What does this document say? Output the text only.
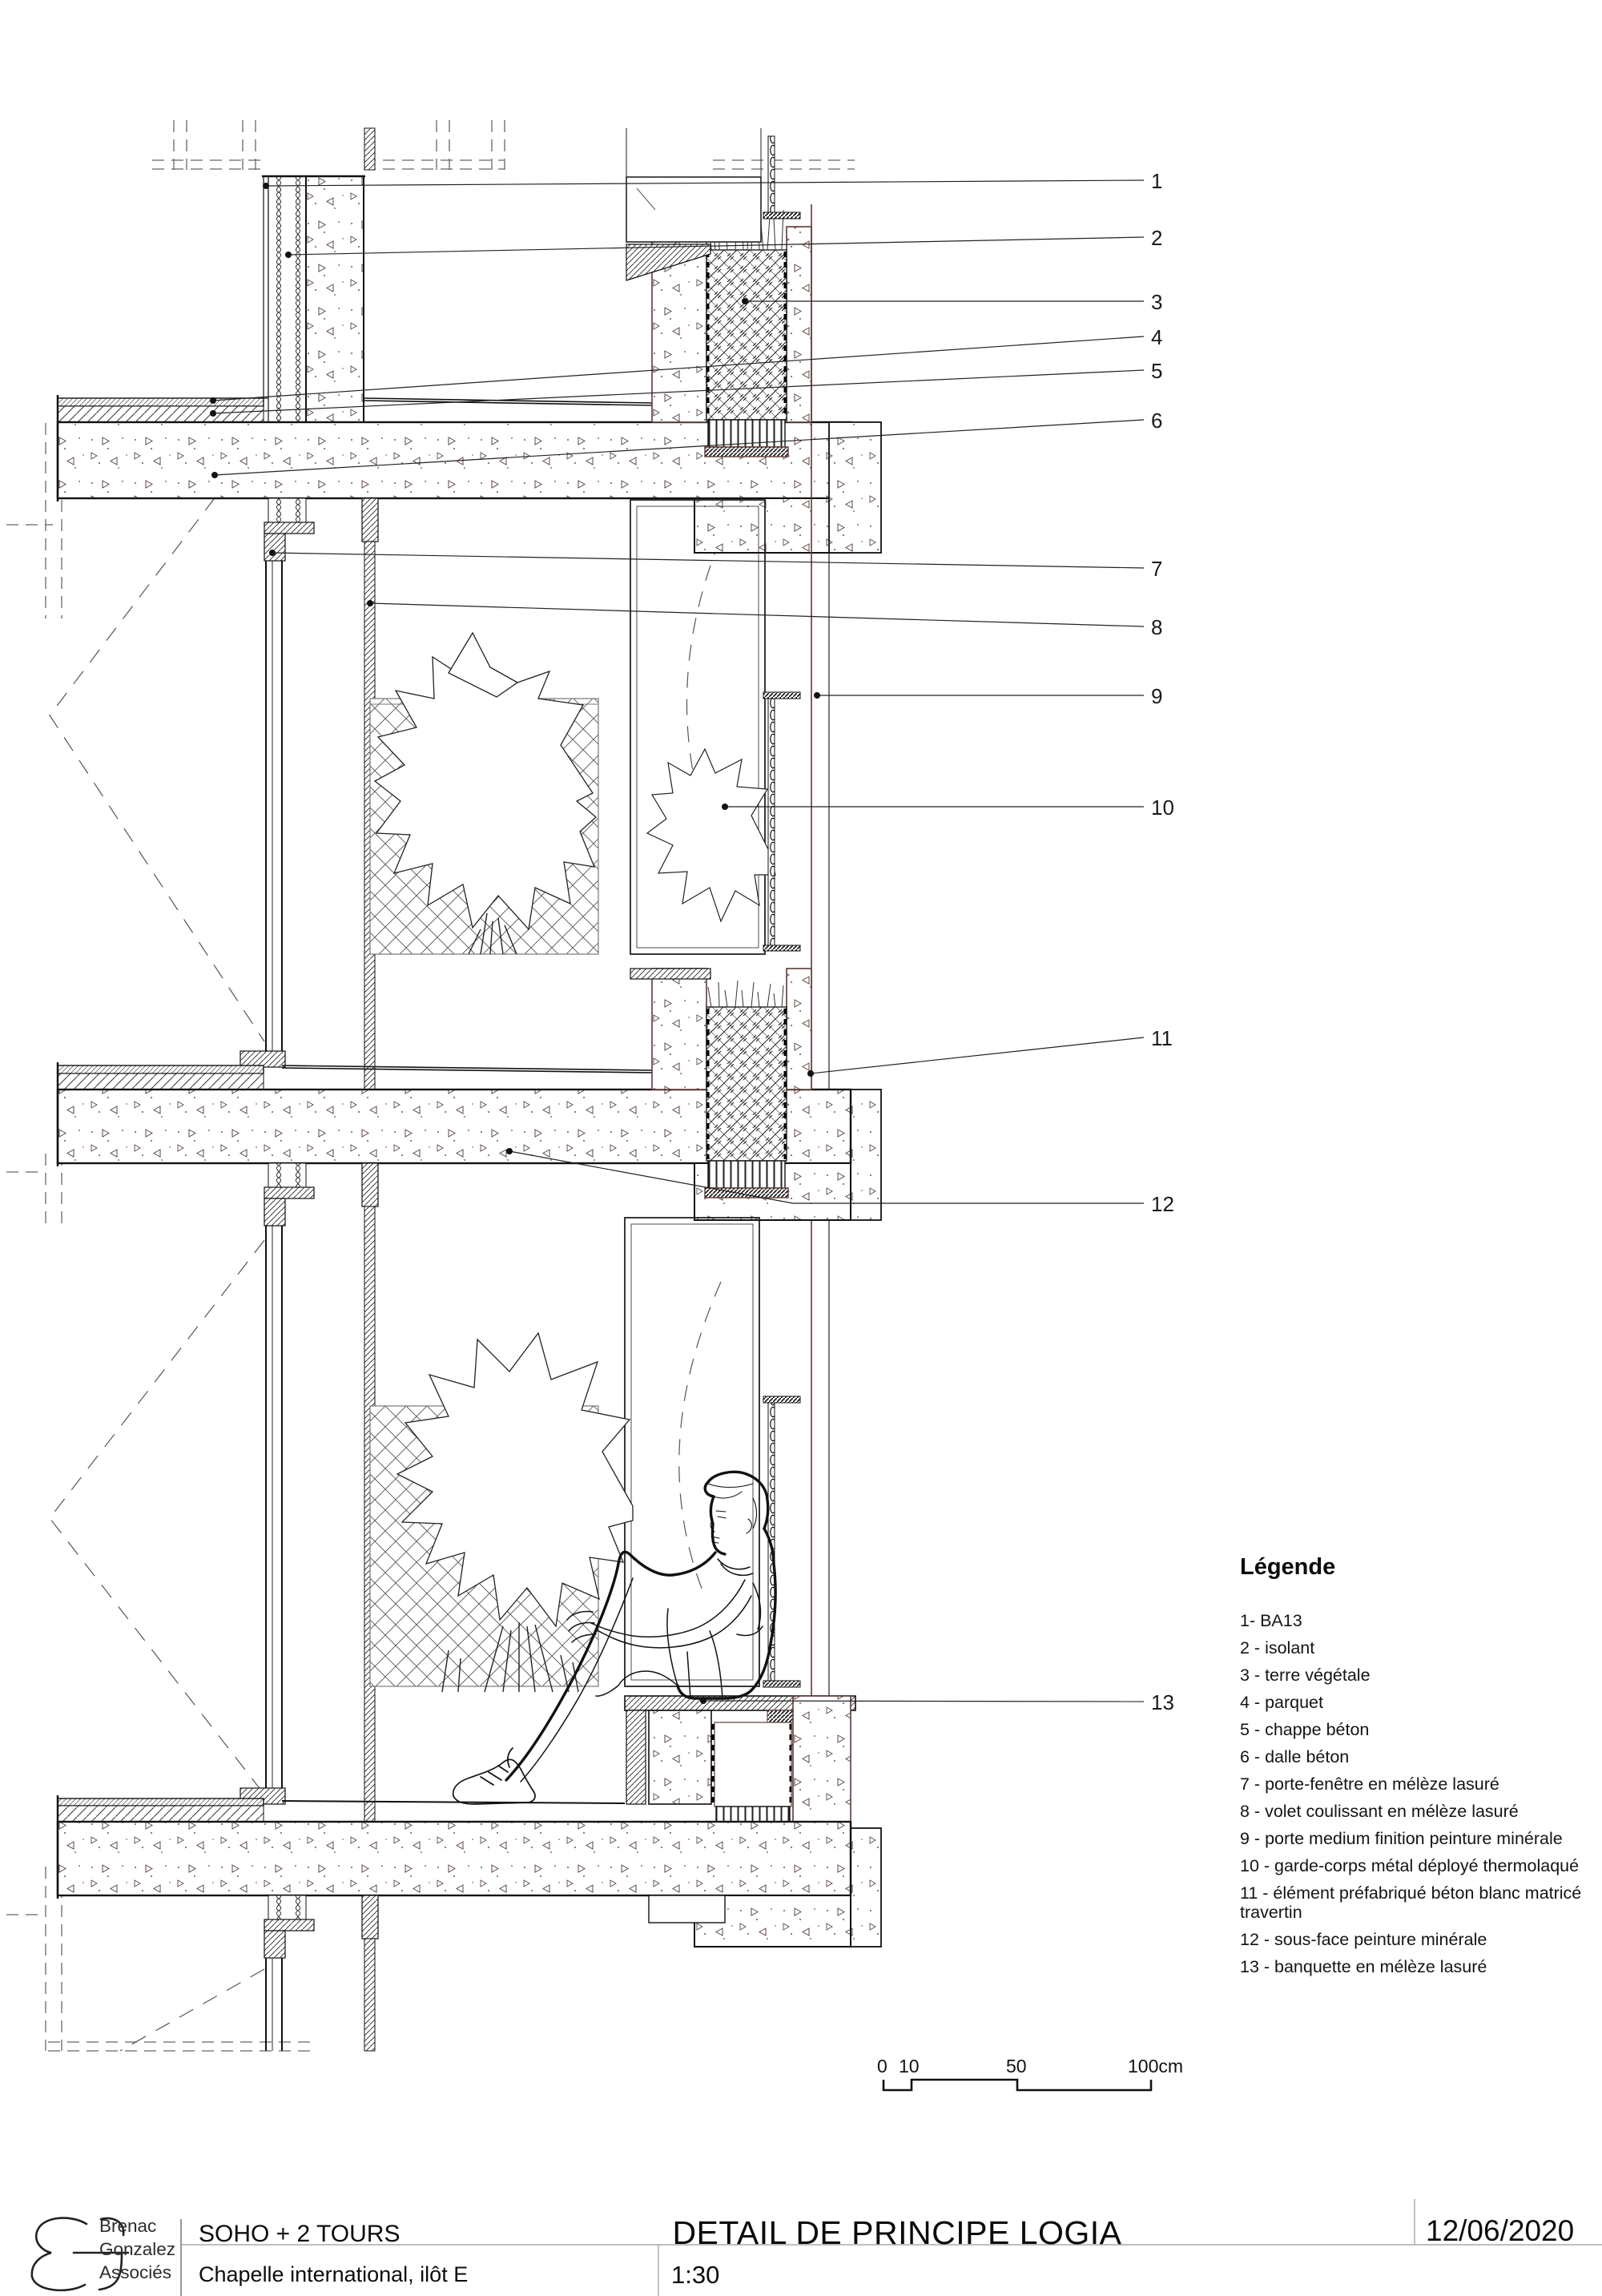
1
2
3
4
5
6
7
8
9
10
11
12
13
Légende
1- BA13
2 - isolant
3 - terre végétale
4 - parquet
5 - chappe béton
6 - dalle béton
7 - porte-fenêtre en mélèze lasuré
8 - volet coulissant en mélèze lasuré
9 - porte medium finition peinture minérale
10 - garde-corps métal déployé thermolaqué
11 - élément préfabriqué béton blanc matricé travertin
12 - sous-face peinture minérale
13 - banquette en mélèze lasuré
0 10	50	100cm
Brenac
Gonzalez
Associés
SOHO + 2 TOURS
Chapelle international, ilôt E
DETAIL DE PRINCIPE LOGIA
1:30
12/06/2020
